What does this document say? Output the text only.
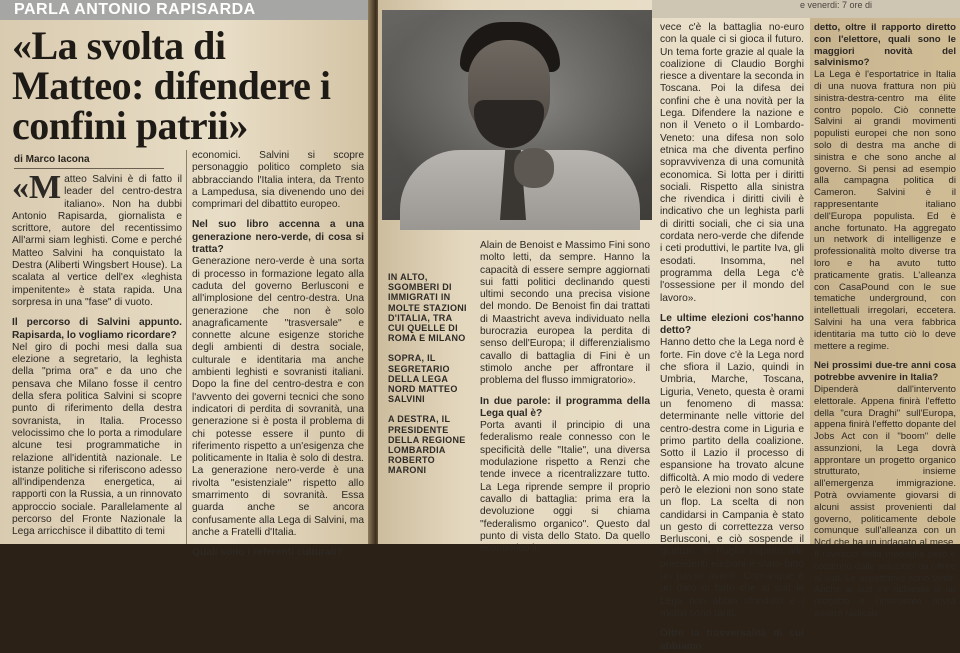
PARLA ANTONIO RAPISARDA
«La svolta di Matteo: difendere i confini patrii»
di Marco Iacona

«Matteo Salvini è di fatto il leader del centro-destra italiano». Non ha dubbi Antonio Rapisarda, giornalista e scrittore, autore del recentissimo All'armi siam leghisti. Come e perché Matteo Salvini ha conquistato la Destra (Aliberti Wingsbert House). La scalata al vertice dell'ex «leghista impenitente» è stata rapida. Una sorpresa in una "fase" di vuoto.

Il percorso di Salvini appunto. Rapisarda, lo vogliamo ricordare?

Nel giro di pochi mesi dalla sua elezione a segretario, la leghista della "prima ora" e da uno che pensava che Milano fosse il centro della sfera politica Salvini si scopre punto di riferimento della destra sovranista, in Italia. Processo velocissimo che lo porta a rimodulare alcune tesi programmatiche in relazione all'identità nazionale. Le istanze politiche si riferiscono adesso all'indipendenza energetica, ai rapporti con la Russia, a un rinnovato approccio sociale. Parallelamente al percorso del Fronte Nazionale la Lega arricchisce il dibattito di temi

economici. Salvini si scopre personaggio politico completo sia abbracciando l'Italia intera, da Trento a Lampedusa, sia divenendo uno dei comprimari del dibattito europeo.

Nel suo libro accenna a una generazione nero-verde, di cosa si tratta?

Generazione nero-verde è una sorta di processo in formazione legato alla caduta del governo Berlusconi e all'implosione del centro-destra. Una generazione che non è solo anagraficamente "trasversale" e connette alcune esigenze storiche degli ambienti di destra sociale, culturale e identitaria ma anche ambienti leghisti e sovranisti italiani. Dopo la fine del centro-destra e con l'avvento dei governi tecnici che sono indicatori di perdita di sovranità, una generazione si è posta il problema di chi potesse essere il punto di riferimento rispetto a un'esigenza che politicamente in Italia è solo di destra. La generazione nero-verde è una rivolta "esistenziale" rispetto allo smarrimento di sovranità. Essa guarda anche se ancora confusamente alla Lega di Salvini, ma anche a Fratelli d'Italia.

Quali sono i referenti culturali?

e venerdi: 7 ore di

IN ALTO, SGOMBERI DI IMMIGRATI IN MOLTE STAZIONI D'ITALIA, TRA CUI QUELLE DI ROMA E MILANO

SOPRA, IL SEGRETARIO DELLA LEGA NORD MATTEO SALVINI

A DESTRA, IL PRESIDENTE DELLA REGIONE LOMBARDIA ROBERTO MARONI

Alain de Benoist e Massimo Fini sono molto letti, da sempre. Hanno la capacità di essere sempre aggiornati sui fatti politici declinando questi ultimi secondo una precisa visione del mondo. De Benoist fin dai trattati di Maastricht aveva individuato nella burocrazia europea la perdita di senso dell'Europa; il differenzialismo cavallo di battaglia di Fini è un stimolo anche per affrontare il problema del flusso immigratorio».

In due parole: il programma della Lega qual è?

Porta avanti il principio di una federalismo reale connesso con le specificità delle "Italie", una diversa modulazione rispetto a Renzi che tende invece a ricentralizzare tutto. La Lega riprende sempre il proprio cavallo di battaglia: prima era la devoluzione oggi si chiama "federalismo organico". Questo dal punto di vista dello Stato. Da quello economico in

vece c'è la battaglia no-euro con la quale ci si gioca il futuro. Un tema forte grazie al quale la coalizione di Claudio Borghi riesce a diventare la seconda in Toscana. Poi la difesa dei confini che è una novità per la Lega. Difendere la nazione e non il Veneto o il Lombardo-Veneto: una difesa non solo etnica ma che diventa perfino sopravvivenza di una comunità economica. Si lotta per i diritti sociali. Rispetto alla sinistra che rivendica i diritti civili è indicativo che un leghista parli di diritti sociali, che ci sia una cordata nero-verde che difende i ceti produttivi, le partite Iva, gli esodati. Insomma, nel programma della Lega c'è l'ossessione per il mondo del lavoro».

Le ultime elezioni cos'hanno detto?

Hanno detto che la Lega nord è forte. Fin dove c'è la Lega nord che sfiora il Lazio, quindi in Umbria, Marche, Toscana, Liguria, Veneto, questa è orami un fenomeno di massa: determinante nelle vittorie del centro-destra come in Liguria e primo partito della coalizione. Sotto il Lazio il processo di espansione ha trovato alcune difficoltà. A mio modo di vedere però le elezioni non sono state un flop. La scelta di non candidarsi in Campania è stato un gesto di correttezza verso Berlusconi, e ciò sospende il giudizio. In Puglia rispetto alle precedenti elezioni è stato fatto un passo avanti. Comunque è un dato di fatto che al sud la Lega non abbia sfondato e i motivi sono tanti.

Oltre la trasversalità di cui abbiamo

detto, oltre il rapporto diretto con l'elettore, quali sono le maggiori novità del salvinismo?

La Lega è l'esportatrice in Italia di una nuova frattura non più sinistra-destra-centro ma élite contro popolo. Ciò connette Salvini ai grandi movimenti populisti europei che non sono solo di destra ma anche di sinistra e che sono anche al governo. Si pensi ad esempio alla campagna politica di Cameron. Salvini è il rappresentante italiano dell'Europa populista. Ed è anche fortunato. Ha aggregato un network di intelligenze e professionalità molto diverse tra loro e ha avuto tutto praticamente gratis. L'alleanza con CasaPound con le sue tematiche underground, con intellettuali irregolari, eccetera. Salvini ha una vera fabbrica identitaria ma tutto ciò lo deve mettere a regime.

Nei prossimi due-tre anni cosa potrebbe avvenire in Italia?

Dipenderà dall'intervento elettorale. Appena finirà l'effetto della "cura Draghi" sull'Europa, appena finirà l'effetto dopante del Jobs Act con il "boom" delle assunzioni, la Lega dovrà approntare un progetto organico strutturato, insieme all'emergenza immigrazione. Potrà ovviamente giovarsi di alcuni assist provenienti dal governo, politicamente debole comunque sull'alleanza con un Ncd che ha un indagato al mese. Il rovescio della medaglia però è costituito dalle soluzioni da offrire al sud. Le aspettative sono tante. Anche al sud c'è richiesta di un progetto e l'intervento dovrà essere radicale.
